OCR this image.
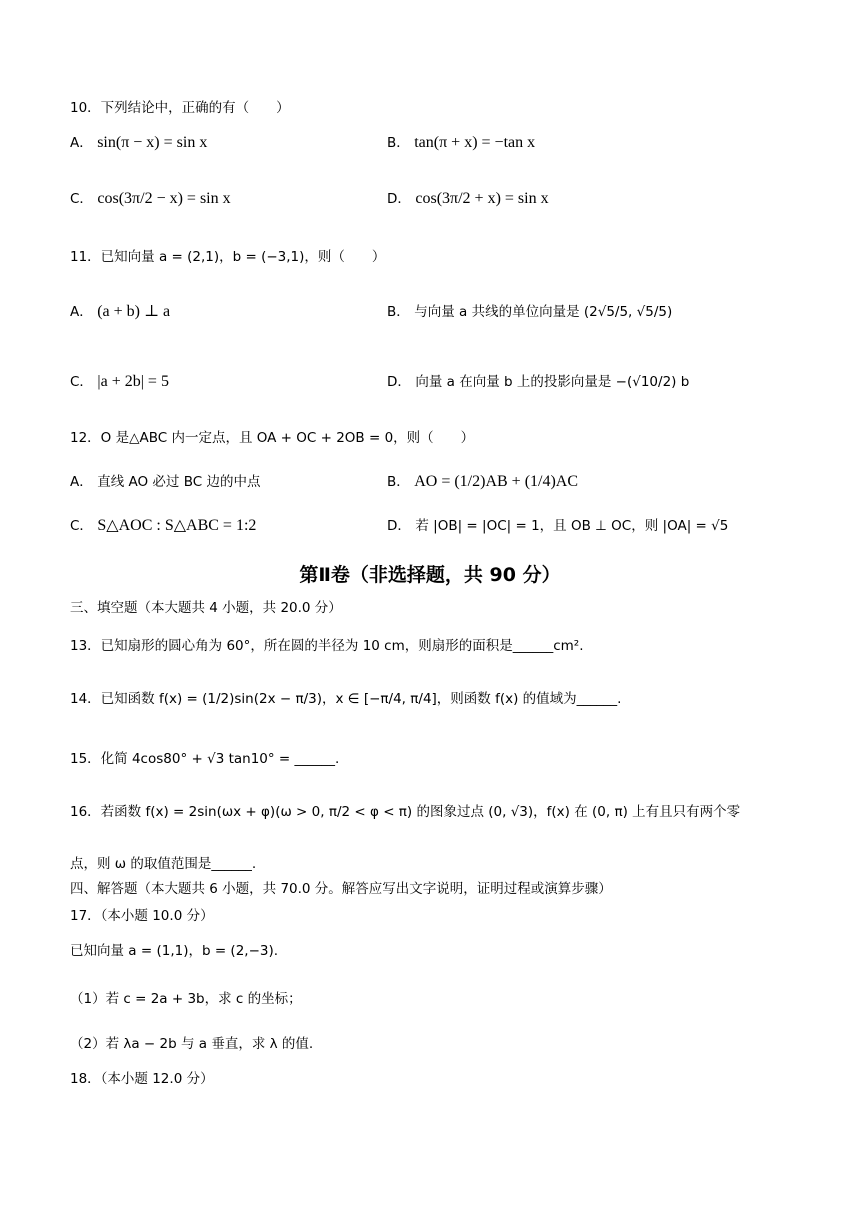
10．下列结论中，正确的有（　　）
A． sin(π − x) = sin x	B． tan(π + x) = −tan x
C． cos(3π/2 − x) = sin x	D． cos(3π/2 + x) = sin x
11．已知向量 a = (2,1)，b = (−3,1)，则（　　）
A． (a + b) ⊥ a	B． 与向量 a 共线的单位向量是 (2√5/5, √5/5)
C． |a + 2b| = 5	D． 向量 a 在向量 b 上的投影向量是 −(√10/2) b
12．O 是△ABC 内一定点，且 OA + OC + 2OB = 0，则（　　）
A． 直线 AO 必过 BC 边的中点	B． AO = (1/2)AB + (1/4)AC
C． S△AOC : S△ABC = 1:2	D． 若 |OB| = |OC| = 1，且 OB ⊥ OC，则 |OA| = √5
第Ⅱ卷（非选择题，共 90 分）
三、填空题（本大题共 4 小题，共 20.0 分）
13．已知扇形的圆心角为 60°，所在圆的半径为 10 cm，则扇形的面积是______cm².
14．已知函数 f(x) = (1/2)sin(2x − π/3)，x ∈ [−π/4, π/4]，则函数 f(x) 的值域为______.
15．化简 4cos80° + √3 tan10° = ______.
16．若函数 f(x) = 2sin(ωx + φ)(ω > 0, π/2 < φ < π) 的图象过点 (0, √3)，f(x) 在 (0, π) 上有且只有两个零
点，则 ω 的取值范围是______.
四、解答题（本大题共 6 小题，共 70.0 分。解答应写出文字说明，证明过程或演算步骤）
17．（本小题 10.0 分）
已知向量 a = (1,1)，b = (2,−3).
（1）若 c = 2a + 3b，求 c 的坐标；
（2）若 λa − 2b 与 a 垂直，求 λ 的值.
18．（本小题 12.0 分）
